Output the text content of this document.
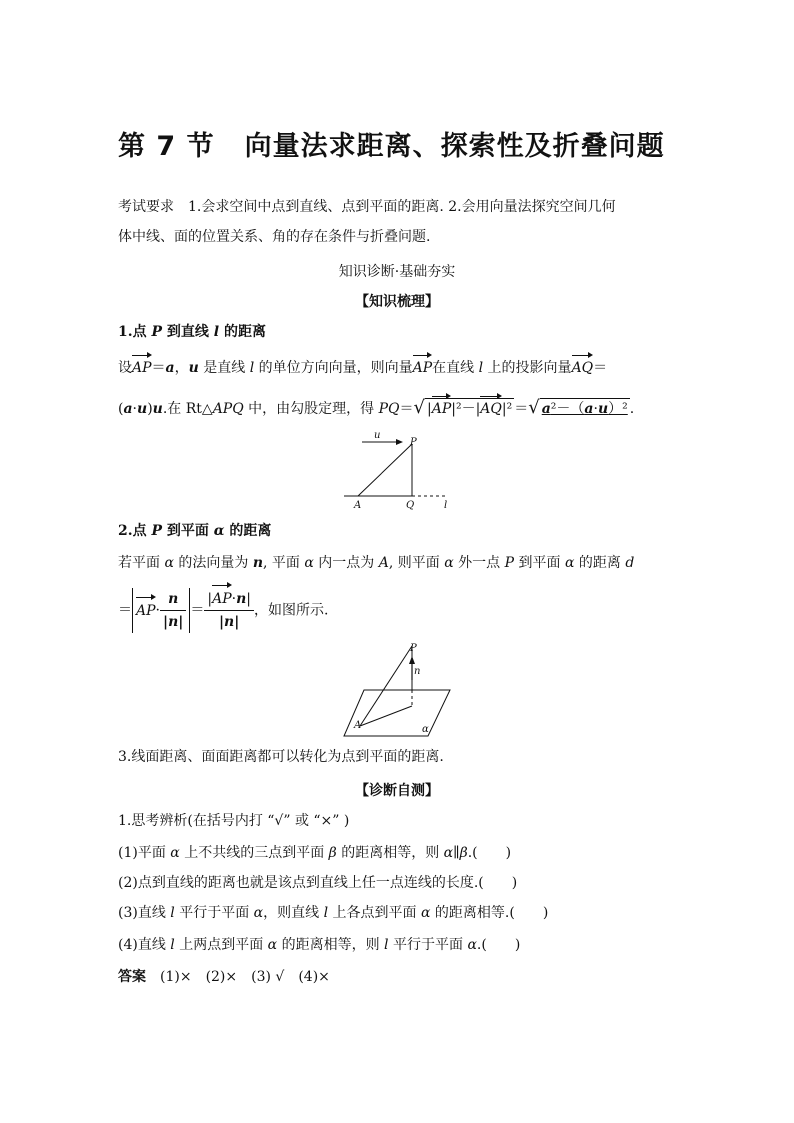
第 7 节 向量法求距离、探索性及折叠问题
考试要求　 1.会求空间中点到直线、点到平面的距离. 2.会用向量法探究空间几何
体中线、面的位置关系、角的存在条件与折叠问题.
知识诊断·基础夯实
【知识梳理】
1.点 P 到直线 l 的距离
设AP＝a，u 是直线 l 的单位方向向量，则向量AP在直线 l 上的投影向量AQ＝
(a·u)u.在 Rt△APQ 中，由勾股定理，得 PQ＝√ |AP|²－|AQ|² ＝√ a²－（a·u）² .
u
P
A	Q	l
2.点 P 到平面 α 的距离
若平面 α 的法向量为 n, 平面 α 内一点为 A, 则平面 α 外一点 P 到平面 α 的距离 d
＝ $AP\cdot \frac{n}{|n|} = \frac{|AP\cdot n|}{|n|}$ ，如图所示.
P
n
A	α
3.线面距离、面面距离都可以转化为点到平面的距离.
【诊断自测】
1.思考辨析(在括号内打 “√” 或 “×” )
(1)平面 α 上不共线的三点到平面 β 的距离相等，则 α∥β.(　　)
(2)点到直线的距离也就是该点到直线上任一点连线的长度.(　　)
(3)直线 l 平行于平面 α，则直线 l 上各点到平面 α 的距离相等.(　　)
(4)直线 l 上两点到平面 α 的距离相等，则 l 平行于平面 α.(　　)
答案　 (1)×　 (2)×　 (3) √　 (4)×
